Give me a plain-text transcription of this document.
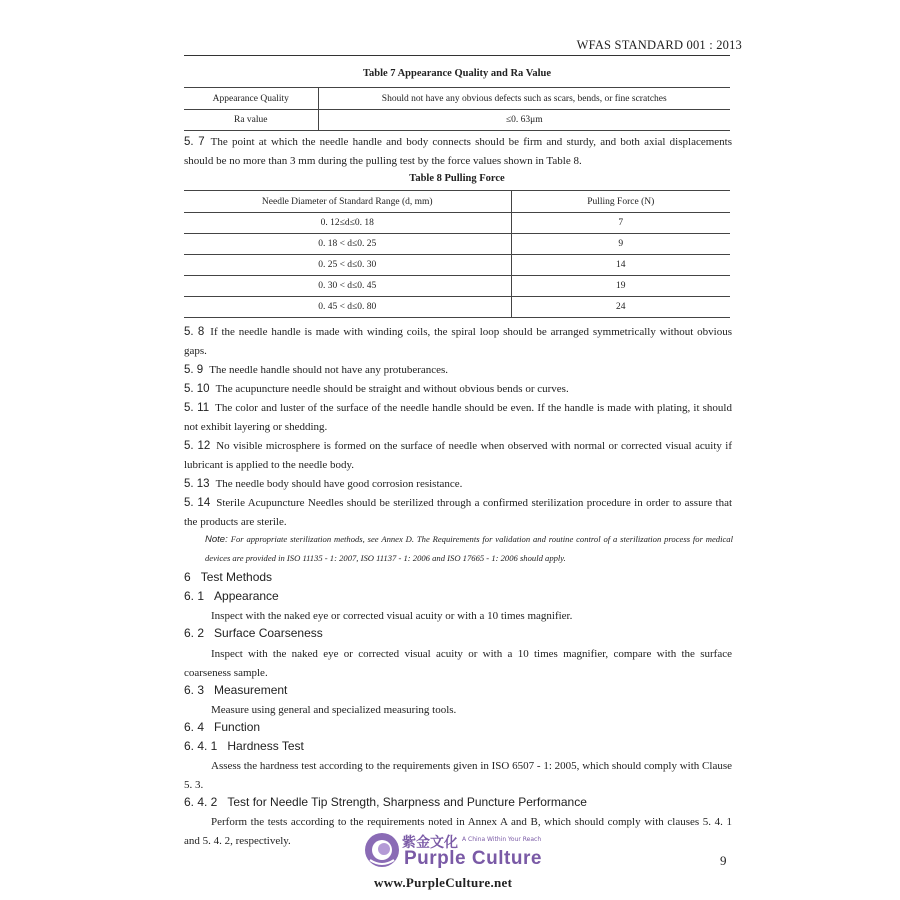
WFAS STANDARD 001 : 2013
Table 7 Appearance Quality and Ra Value
Appearance Quality	Should not have any obvious defects such as scars, bends, or fine scratches
Ra value	≤0. 63μm
5. 7 The point at which the needle handle and body connects should be firm and sturdy, and both axial displacements should be no more than 3 mm during the pulling test by the force values shown in Table 8.
Table 8 Pulling Force
Needle Diameter of Standard Range (d, mm)	Pulling Force (N)
0. 12≤d≤0. 18	7
0. 18 < d≤0. 25	9
0. 25 < d≤0. 30	14
0. 30 < d≤0. 45	19
0. 45 < d≤0. 80	24
5. 8 If the needle handle is made with winding coils, the spiral loop should be arranged symmetrically without obvious gaps.
5. 9 The needle handle should not have any protuberances.
5. 10 The acupuncture needle should be straight and without obvious bends or curves.
5. 11 The color and luster of the surface of the needle handle should be even. If the handle is made with plating, it should not exhibit layering or shedding.
5. 12 No visible microsphere is formed on the surface of needle when observed with normal or corrected visual acuity if lubricant is applied to the needle body.
5. 13 The needle body should have good corrosion resistance.
5. 14 Sterile Acupuncture Needles should be sterilized through a confirmed sterilization procedure in order to assure that the products are sterile.
Note: For appropriate sterilization methods, see Annex D. The Requirements for validation and routine control of a sterilization process for medical devices are provided in ISO 11135 - 1: 2007, ISO 11137 - 1: 2006 and ISO 17665 - 1: 2006 should apply.
6 Test Methods
6. 1 Appearance
Inspect with the naked eye or corrected visual acuity or with a 10 times magnifier.
6. 2 Surface Coarseness
Inspect with the naked eye or corrected visual acuity or with a 10 times magnifier, compare with the surface coarseness sample.
6. 3 Measurement
Measure using general and specialized measuring tools.
6. 4 Function
6. 4. 1 Hardness Test
Assess the hardness test according to the requirements given in ISO 6507 - 1: 2005, which should comply with Clause 5. 3.
6. 4. 2 Test for Needle Tip Strength, Sharpness and Puncture Performance
Perform the tests according to the requirements noted in Annex A and B, which should comply with clauses 5. 4. 1 and 5. 4. 2, respectively.
9
紫金文化 A China Within Your Reach
Purple Culture
www.PurpleCulture.net
